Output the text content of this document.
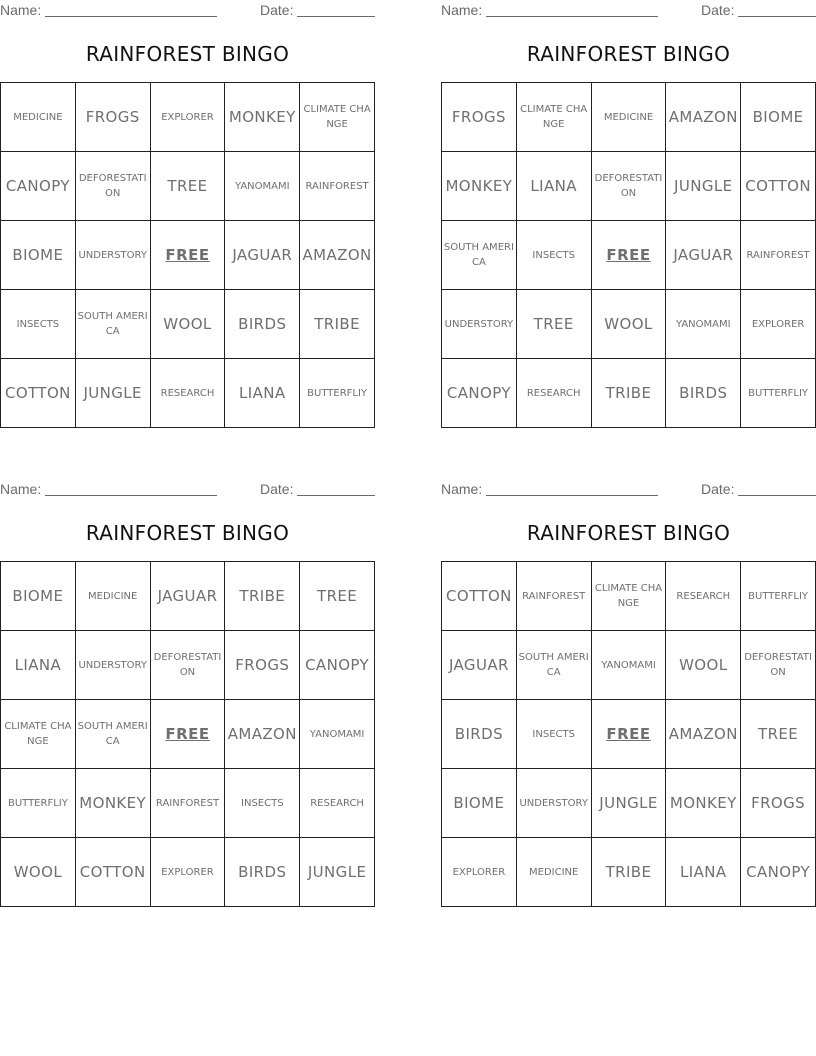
Name:	Date:
RAINFOREST BINGO
MEDICINE	FROGS	EXPLORER	MONKEY	CLIMATE CHANGE
CANOPY	DEFORESTATION	TREE	YANOMAMI	RAINFOREST
BIOME	UNDERSTORY	FREE	JAGUAR	AMAZON
INSECTS	SOUTH AMERICA	WOOL	BIRDS	TRIBE
COTTON	JUNGLE	RESEARCH	LIANA	BUTTERFLIY
Name:	Date:
RAINFOREST BINGO
FROGS	CLIMATE CHANGE	MEDICINE	AMAZON	BIOME
MONKEY	LIANA	DEFORESTATION	JUNGLE	COTTON
SOUTH AMERICA	INSECTS	FREE	JAGUAR	RAINFOREST
UNDERSTORY	TREE	WOOL	YANOMAMI	EXPLORER
CANOPY	RESEARCH	TRIBE	BIRDS	BUTTERFLIY
Name:	Date:
RAINFOREST BINGO
BIOME	MEDICINE	JAGUAR	TRIBE	TREE
LIANA	UNDERSTORY	DEFORESTATION	FROGS	CANOPY
CLIMATE CHANGE	SOUTH AMERICA	FREE	AMAZON	YANOMAMI
BUTTERFLIY	MONKEY	RAINFOREST	INSECTS	RESEARCH
WOOL	COTTON	EXPLORER	BIRDS	JUNGLE
Name:	Date:
RAINFOREST BINGO
COTTON	RAINFOREST	CLIMATE CHANGE	RESEARCH	BUTTERFLIY
JAGUAR	SOUTH AMERICA	YANOMAMI	WOOL	DEFORESTATION
BIRDS	INSECTS	FREE	AMAZON	TREE
BIOME	UNDERSTORY	JUNGLE	MONKEY	FROGS
EXPLORER	MEDICINE	TRIBE	LIANA	CANOPY
